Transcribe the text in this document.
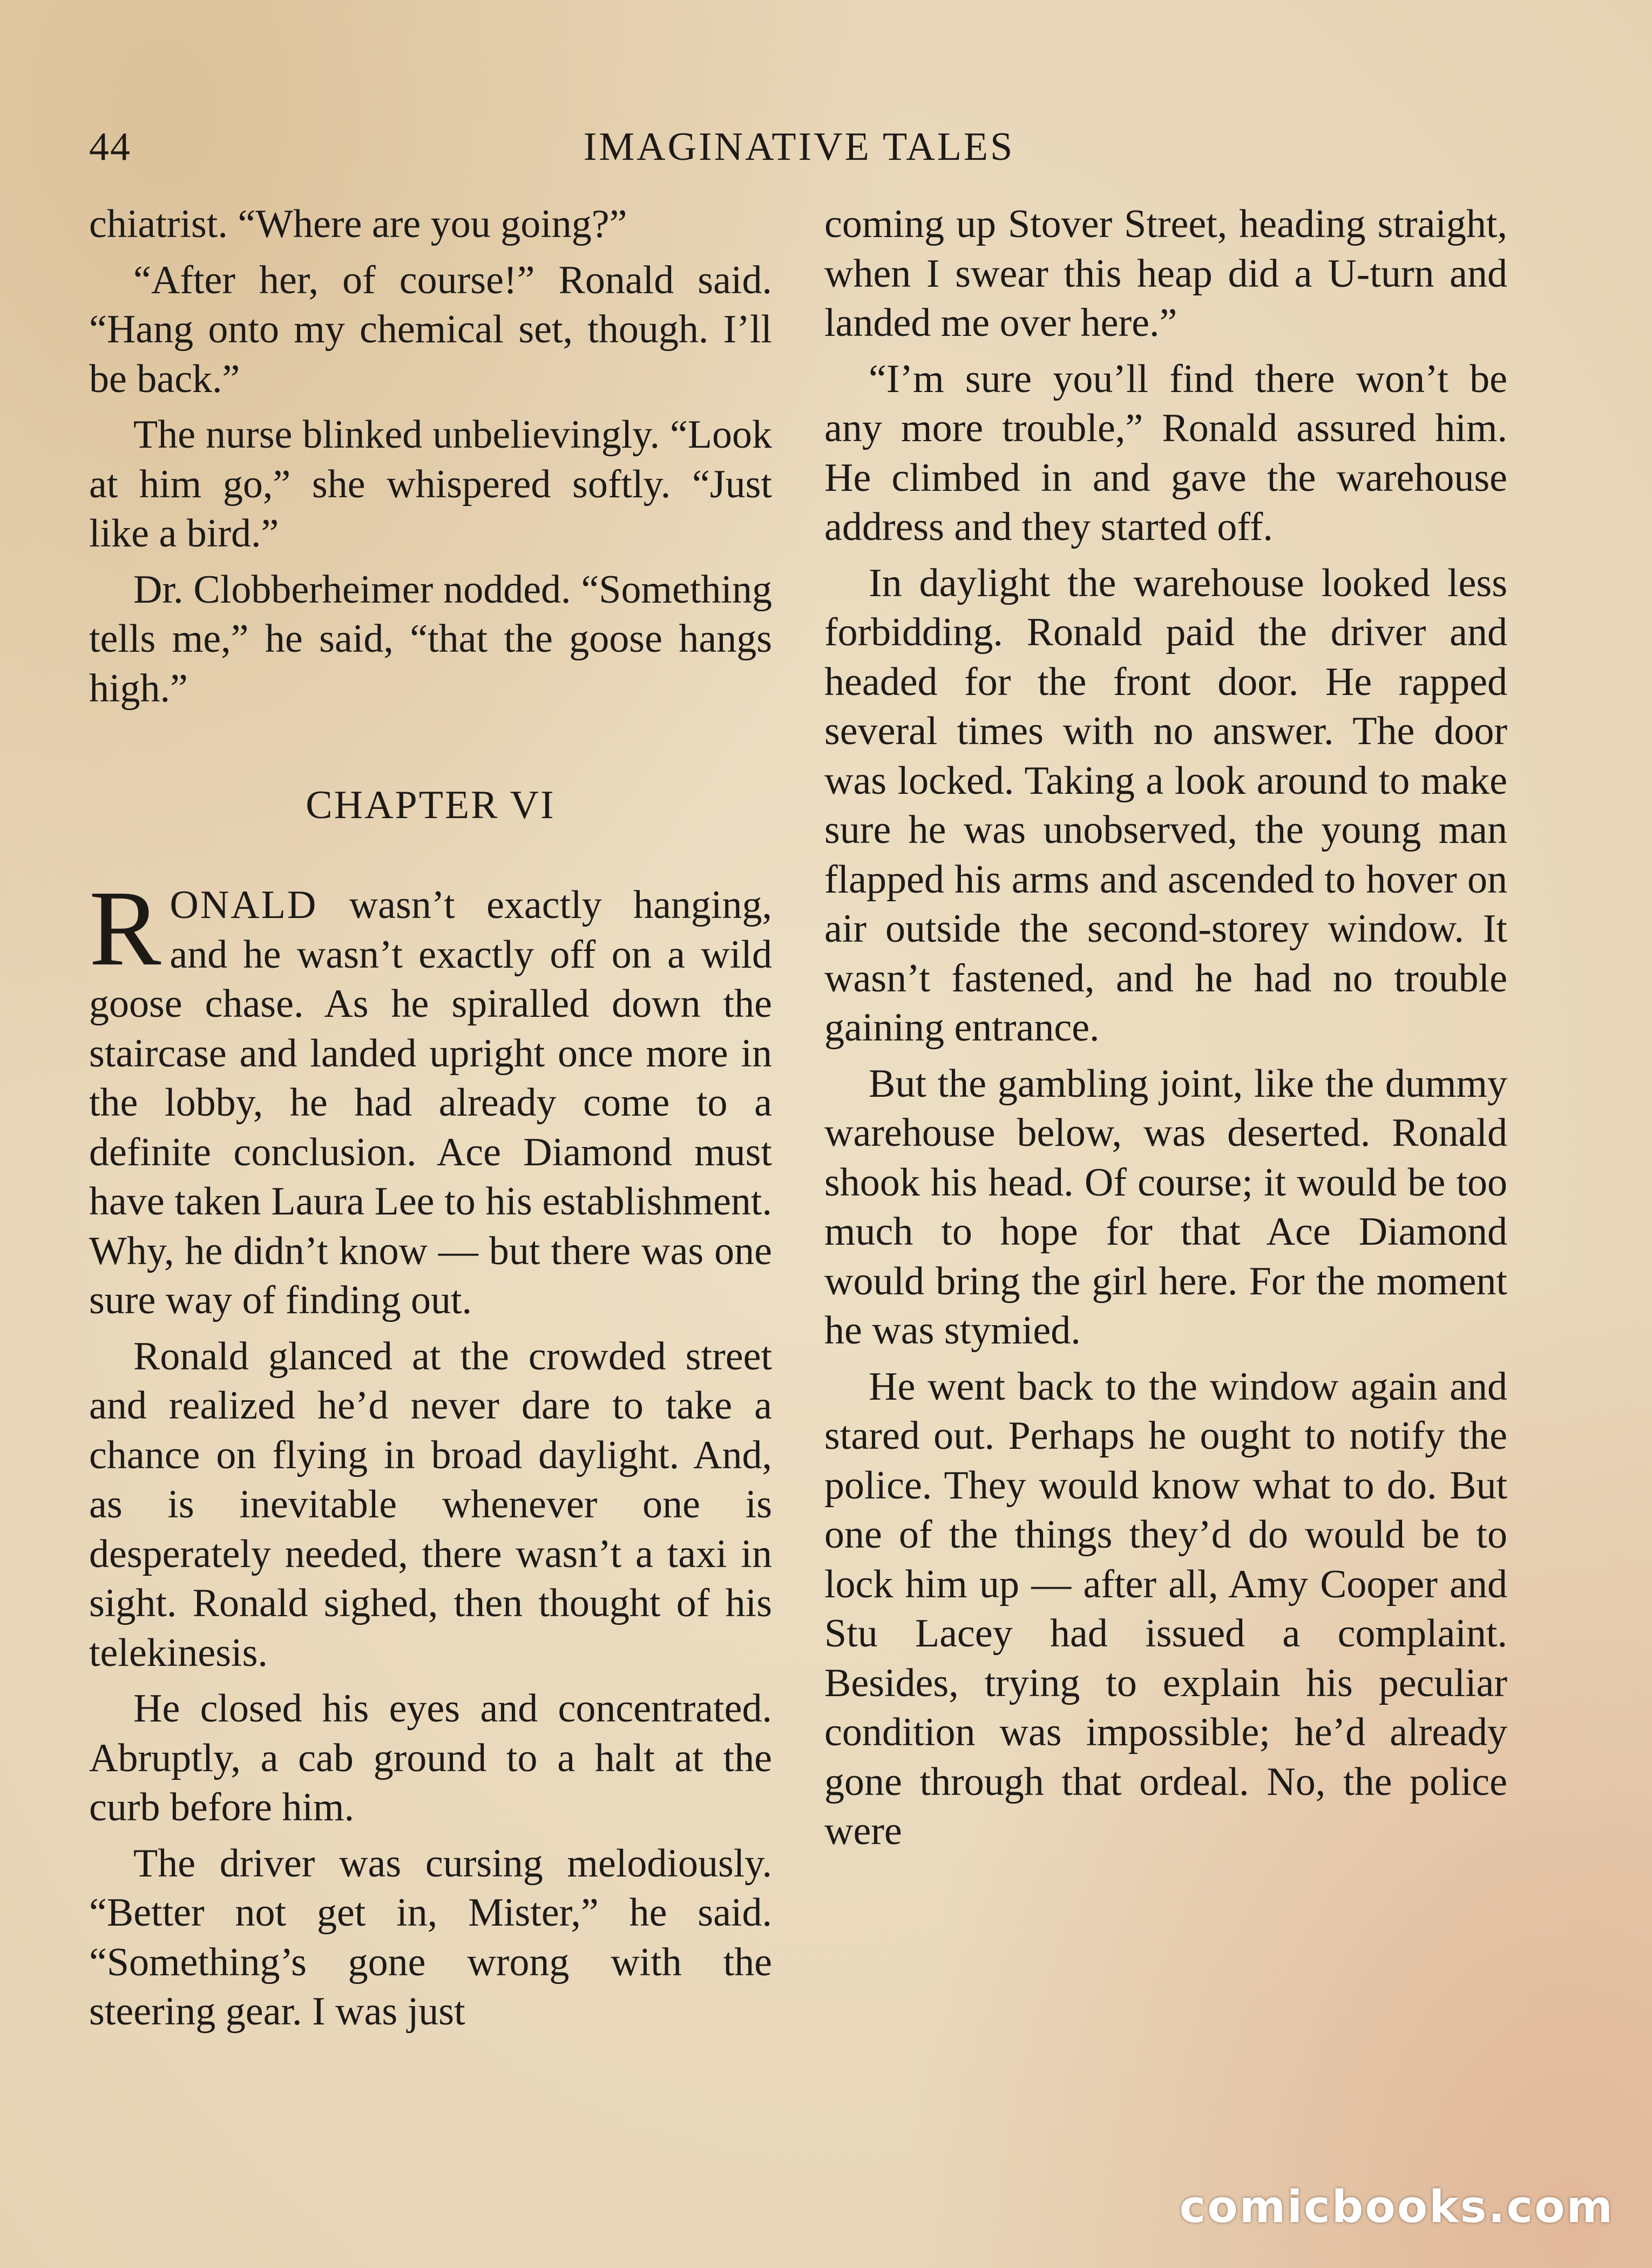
44	IMAGINATIVE TALES

chiatrist. “Where are you going?”

“After her, of course!” Ronald said. “Hang onto my chemical set, though. I’ll be back.”

The nurse blinked unbelievingly. “Look at him go,” she whispered softly. “Just like a bird.”

Dr. Clobberheimer nodded. “Something tells me,” he said, “that the goose hangs high.”

CHAPTER VI

RONALD wasn’t exactly hanging, and he wasn’t exactly off on a wild goose chase. As he spiralled down the staircase and landed upright once more in the lobby, he had already come to a definite conclusion. Ace Diamond must have taken Laura Lee to his establishment. Why, he didn’t know — but there was one sure way of finding out.

Ronald glanced at the crowded street and realized he’d never dare to take a chance on flying in broad daylight. And, as is inevitable whenever one is desperately needed, there wasn’t a taxi in sight. Ronald sighed, then thought of his telekinesis.

He closed his eyes and concentrated. Abruptly, a cab ground to a halt at the curb before him.

The driver was cursing melodiously. “Better not get in, Mister,” he said. “Something’s gone wrong with the steering gear. I was just

coming up Stover Street, heading straight, when I swear this heap did a U-turn and landed me over here.”

“I’m sure you’ll find there won’t be any more trouble,” Ronald assured him. He climbed in and gave the warehouse address and they started off.

In daylight the warehouse looked less forbidding. Ronald paid the driver and headed for the front door. He rapped several times with no answer. The door was locked. Taking a look around to make sure he was unobserved, the young man flapped his arms and ascended to hover on air outside the second-storey window. It wasn’t fastened, and he had no trouble gaining entrance.

But the gambling joint, like the dummy warehouse below, was deserted. Ronald shook his head. Of course; it would be too much to hope for that Ace Diamond would bring the girl here. For the moment he was stymied.

He went back to the window again and stared out. Perhaps he ought to notify the police. They would know what to do. But one of the things they’d do would be to lock him up — after all, Amy Cooper and Stu Lacey had issued a complaint. Besides, trying to explain his peculiar condition was impossible; he’d already gone through that ordeal. No, the police were

comicbooks.com
